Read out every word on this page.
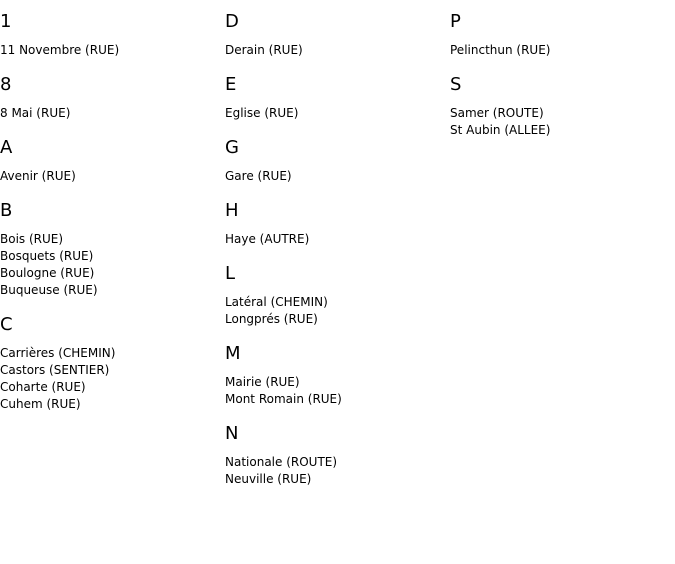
1
11 Novembre (RUE)
8
8 Mai (RUE)
A
Avenir (RUE)
B
Bois (RUE)
Bosquets (RUE)
Boulogne (RUE)
Buqueuse (RUE)
C
Carrières (CHEMIN)
Castors (SENTIER)
Coharte (RUE)
Cuhem (RUE)
D
Derain (RUE)
E
Eglise (RUE)
G
Gare (RUE)
H
Haye (AUTRE)
L
Latéral (CHEMIN)
Longprés (RUE)
M
Mairie (RUE)
Mont Romain (RUE)
N
Nationale (ROUTE)
Neuville (RUE)
P
Pelincthun (RUE)
S
Samer (ROUTE)
St Aubin (ALLEE)
